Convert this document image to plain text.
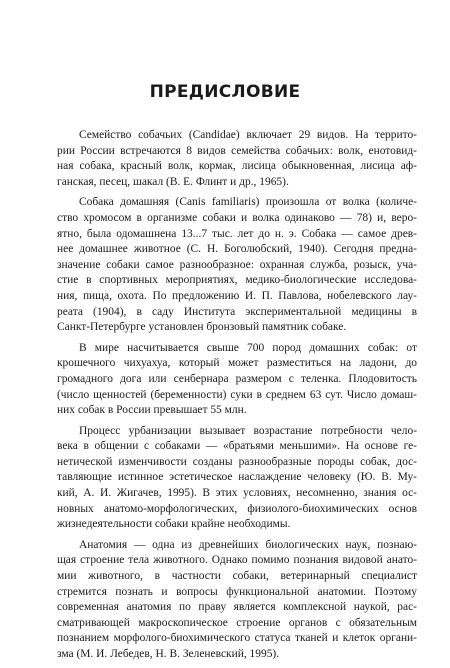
ПРЕДИСЛОВИЕ

Семейство собачьих (Candidae) включает 29 видов. На террито-
рии России встречаются 8 видов семейства собачьих: волк, енотовид-
ная собака, красный волк, кормак, лисица обыкновенная, лисица аф-
ганская, песец, шакал (В. Е. Флинт и др., 1965).

Собака домашняя (Canis familiaris) произошла от волка (количе-
ство хромосом в организме собаки и волка одинаково — 78) и, веро-
ятно, была одомашнена 13...7 тыс. лет до н. э. Собака — самое древ-
нее домашнее животное (С. Н. Боголюбский, 1940). Сегодня предна-
значение собаки самое разнообразное: охранная служба, розыск, уча-
стие в спортивных мероприятиях, медико-биологические исследова-
ния, пища, охота. По предложению И. П. Павлова, нобелевского лау-
реата (1904), в саду Института экспериментальной медицины в
Санкт-Петербурге установлен бронзовый памятник собаке.

В мире насчитывается свыше 700 пород домашних собак: от
крошечного чихуахуа, который может разместиться на ладони, до
громадного дога или сенбернара размером с теленка. Плодовитость
(число щенностей (беременности) суки в среднем 63 сут. Число домаш-
них собак в России превышает 55 млн.

Процесс урбанизации вызывает возрастание потребности чело-
века в общении с собаками — «братьями меньшими». На основе ге-
нетической изменчивости созданы разнообразные породы собак, дос-
тавляющие истинное эстетическое наслаждение человеку (Ю. В. Му-
кий, А. И. Жигачев, 1995). В этих условиях, несомненно, знания ос-
новных анатомо-морфологических, физиолого-биохимических основ
жизнедеятельности собаки крайне необходимы.

Анатомия — одна из древнейших биологических наук, познаю-
щая строение тела животного. Однако помимо познания видовой анато-
мии животного, в частности собаки, ветеринарный специалист
стремится познать и вопросы функциональной анатомии. Поэтому
современная анатомия по праву является комплексной наукой, рас-
сматривающей макроскопическое строение органов с обязательным
познанием морфолого-биохимического статуса тканей и клеток органи-
зма (М. И. Лебедев, Н. В. Зеленевский, 1995).
